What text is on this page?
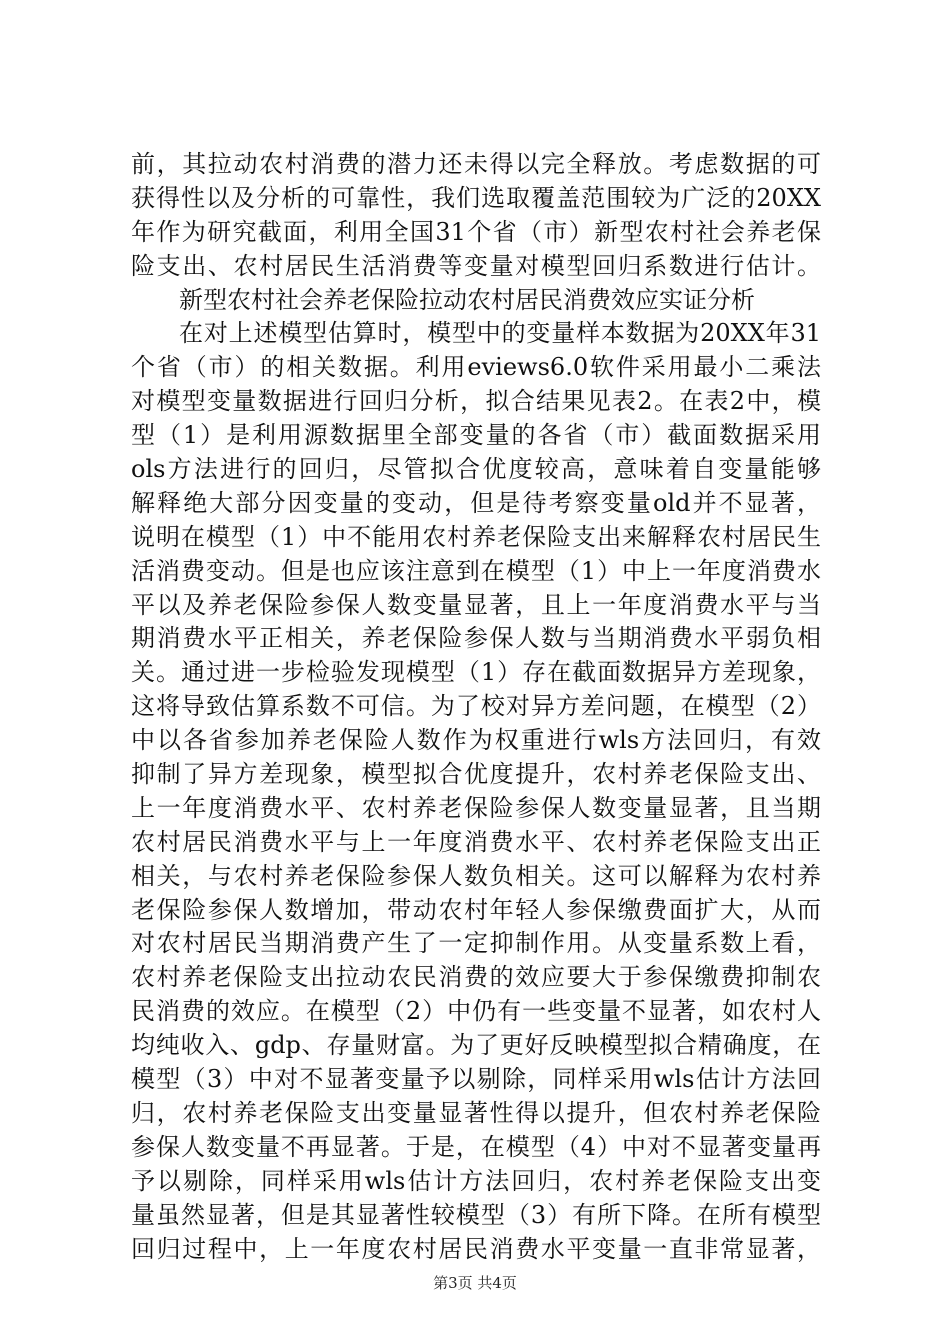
前，其拉动农村消费的潜力还未得以完全释放。考虑数据的可
获得性以及分析的可靠性，我们选取覆盖范围较为广泛的20XX
年作为研究截面，利用全国31个省（市）新型农村社会养老保
险支出、农村居民生活消费等变量对模型回归系数进行估计。
新型农村社会养老保险拉动农村居民消费效应实证分析
在对上述模型估算时，模型中的变量样本数据为20XX年31
个省（市）的相关数据。利用eviews6.0软件采用最小二乘法
对模型变量数据进行回归分析，拟合结果见表2。在表2中，模
型（1）是利用源数据里全部变量的各省（市）截面数据采用
ols方法进行的回归，尽管拟合优度较高，意味着自变量能够
解释绝大部分因变量的变动，但是待考察变量old并不显著，
说明在模型（1）中不能用农村养老保险支出来解释农村居民生
活消费变动。但是也应该注意到在模型（1）中上一年度消费水
平以及养老保险参保人数变量显著，且上一年度消费水平与当
期消费水平正相关，养老保险参保人数与当期消费水平弱负相
关。通过进一步检验发现模型（1）存在截面数据异方差现象，
这将导致估算系数不可信。为了校对异方差问题，在模型（2）
中以各省参加养老保险人数作为权重进行wls方法回归，有效
抑制了异方差现象，模型拟合优度提升，农村养老保险支出、
上一年度消费水平、农村养老保险参保人数变量显著，且当期
农村居民消费水平与上一年度消费水平、农村养老保险支出正
相关，与农村养老保险参保人数负相关。这可以解释为农村养
老保险参保人数增加，带动农村年轻人参保缴费面扩大，从而
对农村居民当期消费产生了一定抑制作用。从变量系数上看，
农村养老保险支出拉动农民消费的效应要大于参保缴费抑制农
民消费的效应。在模型（2）中仍有一些变量不显著，如农村人
均纯收入、gdp、存量财富。为了更好反映模型拟合精确度，在
模型（3）中对不显著变量予以剔除，同样采用wls估计方法回
归，农村养老保险支出变量显著性得以提升，但农村养老保险
参保人数变量不再显著。于是，在模型（4）中对不显著变量再
予以剔除，同样采用wls估计方法回归，农村养老保险支出变
量虽然显著，但是其显著性较模型（3）有所下降。在所有模型
回归过程中，上一年度农村居民消费水平变量一直非常显著，
第3页 共4页
